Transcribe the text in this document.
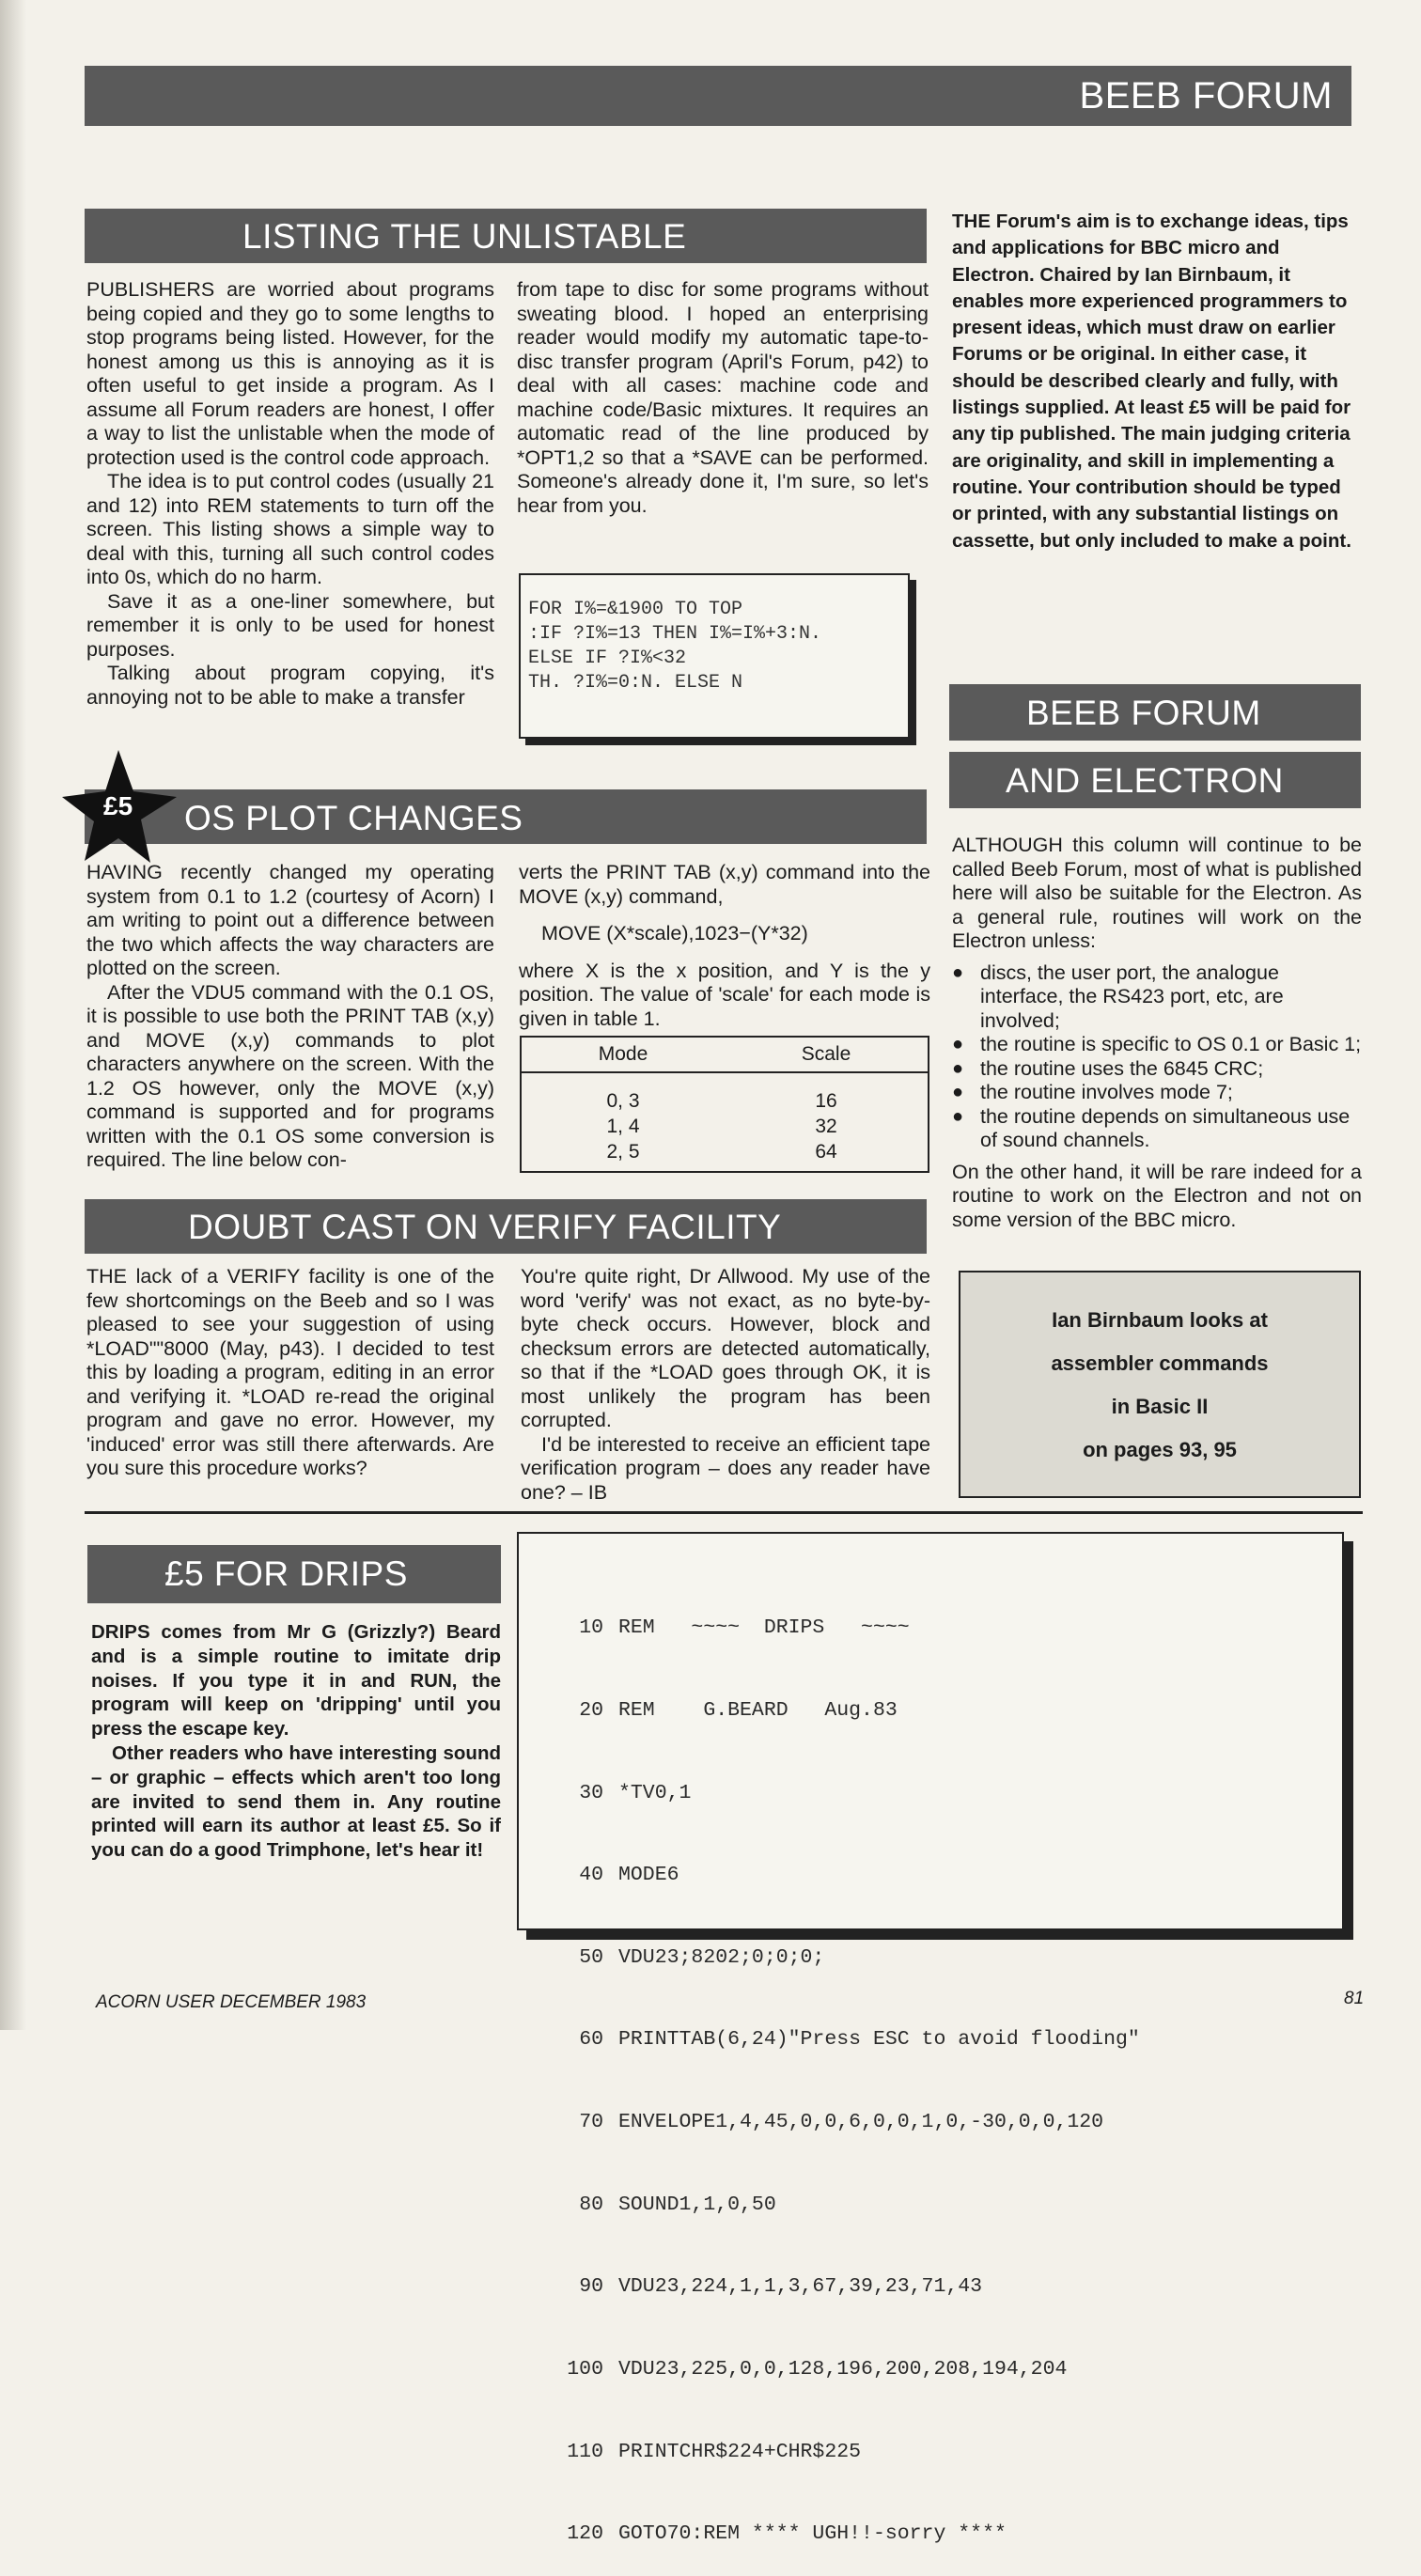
BEEB FORUM
LISTING THE UNLISTABLE

PUBLISHERS are worried about programs being copied and they go to some lengths to stop programs being listed. However, for the honest among us this is annoying as it is often useful to get inside a program. As I assume all Forum readers are honest, I offer a way to list the unlistable when the mode of protection used is the control code approach.

The idea is to put control codes (usually 21 and 12) into REM statements to turn off the screen. This listing shows a simple way to deal with this, turning all such control codes into 0s, which do no harm.

Save it as a one-liner somewhere, but remember it is only to be used for honest purposes.

Talking about program copying, it's annoying not to be able to make a transfer

from tape to disc for some programs without sweating blood. I hoped an enterprising reader would modify my automatic tape-to-disc transfer program (April's Forum, p42) to deal with all cases: machine code and machine code/Basic mixtures. It requires an automatic read of the line produced by *OPT1,2 so that a *SAVE can be performed. Someone's already done it, I'm sure, so let's hear from you.

FOR I%=&1900 TO TOP
:IF ?I%=13 THEN I%=I%+3:N.
ELSE IF ?I%<32
TH. ?I%=0:N. ELSE N
THE Forum's aim is to exchange ideas, tips and applications for BBC micro and Electron. Chaired by Ian Birnbaum, it enables more experienced programmers to present ideas, which must draw on earlier Forums or be original. In either case, it should be described clearly and fully, with listings supplied. At least £5 will be paid for any tip published. The main judging criteria are originality, and skill in implementing a routine. Your contribution should be typed or printed, with any substantial listings on cassette, but only included to make a point.
OS PLOT CHANGES
£5

HAVING recently changed my operating system from 0.1 to 1.2 (courtesy of Acorn) I am writing to point out a difference between the two which affects the way characters are plotted on the screen.

After the VDU5 command with the 0.1 OS, it is possible to use both the PRINT TAB (x,y) and MOVE (x,y) commands to plot characters anywhere on the screen. With the 1.2 OS however, only the MOVE (x,y) command is supported and for programs written with the 0.1 OS some conversion is required. The line below con-

verts the PRINT TAB (x,y) command into the MOVE (x,y) command,

MOVE (X*scale),1023−(Y*32)

where X is the x position, and Y is the y position. The value of 'scale' for each mode is given in table 1.

Mode	Scale

0, 3	16
1, 4	32
2, 5	64
BEEB FORUM
AND ELECTRON

ALTHOUGH this column will continue to be called Beeb Forum, most of what is published here will also be suitable for the Electron. As a general rule, routines will work on the Electron unless:

● discs, the user port, the analogue interface, the RS423 port, etc, are involved;
● the routine is specific to OS 0.1 or Basic 1;
● the routine uses the 6845 CRC;
● the routine involves mode 7;
● the routine depends on simultaneous use of sound channels.

On the other hand, it will be rare indeed for a routine to work on the Electron and not on some version of the BBC micro.

Ian Birnbaum looks at
assembler commands
in Basic II
on pages 93, 95
DOUBT CAST ON VERIFY FACILITY

THE lack of a VERIFY facility is one of the few shortcomings on the Beeb and so I was pleased to see your suggestion of using *LOAD""8000 (May, p43). I decided to test this by loading a program, editing in an error and verifying it. *LOAD re-read the original program and gave no error. However, my 'induced' error was still there afterwards. Are you sure this procedure works?

You're quite right, Dr Allwood. My use of the word 'verify' was not exact, as no byte-by-byte check occurs. However, block and checksum errors are detected automatically, so that if the *LOAD goes through OK, it is most unlikely the program has been corrupted.

I'd be interested to receive an efficient tape verification program – does any reader have one? – IB

£5 FOR DRIPS

DRIPS comes from Mr G (Grizzly?) Beard and is a simple routine to imitate drip noises. If you type it in and RUN, the program will keep on 'dripping' until you press the escape key.

Other readers who have interesting sound – or graphic – effects which aren't too long are invited to send them in. Any routine printed will earn its author at least £5. So if you can do a good Trimphone, let's hear it!

10 REM   ~~~~  DRIPS   ~~~~

20 REM    G.BEARD   Aug.83

30 *TV0,1

40 MODE6

50 VDU23;8202;0;0;0;

60 PRINTTAB(6,24)"Press ESC to avoid flooding"

70 ENVELOPE1,4,45,0,0,6,0,0,1,0,-30,0,0,120

80 SOUND1,1,0,50

90 VDU23,224,1,1,3,67,39,23,71,43

100 VDU23,225,0,0,128,196,200,208,194,204

110 PRINTCHR$224+CHR$225

120 GOTO70:REM **** UGH!!-sorry ****

ACORN USER DECEMBER 1983	81
